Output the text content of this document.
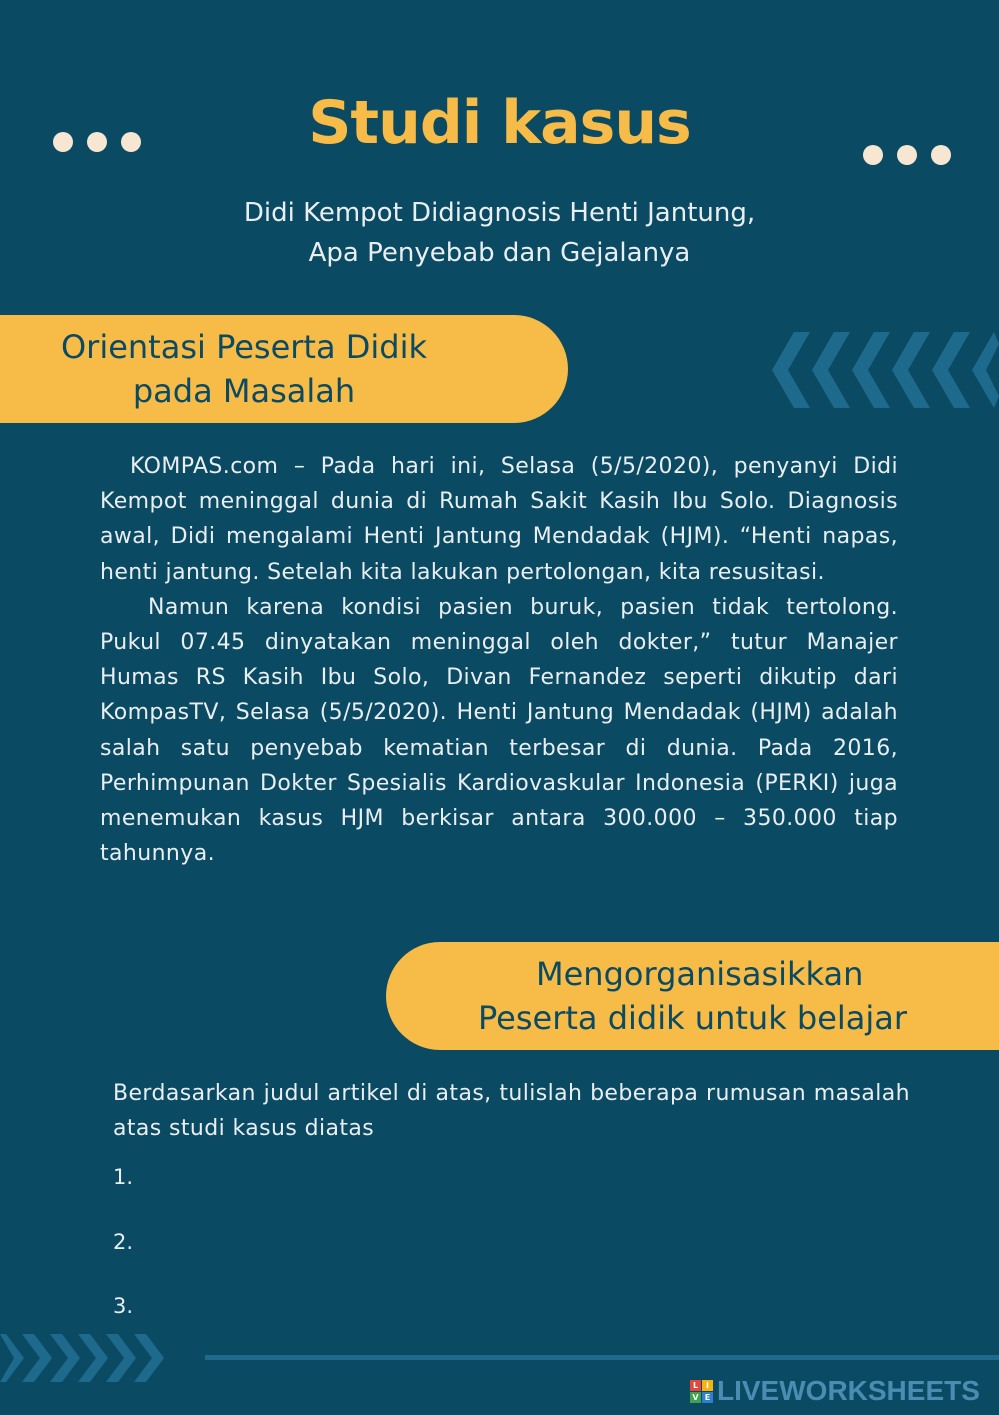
Studi kasus
Didi Kempot Didiagnosis Henti Jantung,
Apa Penyebab dan Gejalanya
Orientasi Peserta Didik
pada Masalah

KOMPAS.com – Pada hari ini, Selasa (5/5/2020), penyanyi Didi Kempot meninggal dunia di Rumah Sakit Kasih Ibu Solo. Diagnosis awal, Didi mengalami Henti Jantung Mendadak (HJM). “Henti napas, henti jantung. Setelah kita lakukan pertolongan, kita resusitasi.

Namun karena kondisi pasien buruk, pasien tidak tertolong. Pukul 07.45 dinyatakan meninggal oleh dokter,” tutur Manajer Humas RS Kasih Ibu Solo, Divan Fernandez seperti dikutip dari KompasTV, Selasa (5/5/2020). Henti Jantung Mendadak (HJM) adalah salah satu penyebab kematian terbesar di dunia. Pada 2016, Perhimpunan Dokter Spesialis Kardiovaskular Indonesia (PERKI) juga menemukan kasus HJM berkisar antara 300.000 – 350.000 tiap tahunnya.

Mengorganisasikkan
Peserta didik untuk belajar
Berdasarkan judul artikel di atas, tulislah beberapa rumusan masalah atas studi kasus diatas
1.
2.
3.
L I
V E LIVEWORKSHEETS
